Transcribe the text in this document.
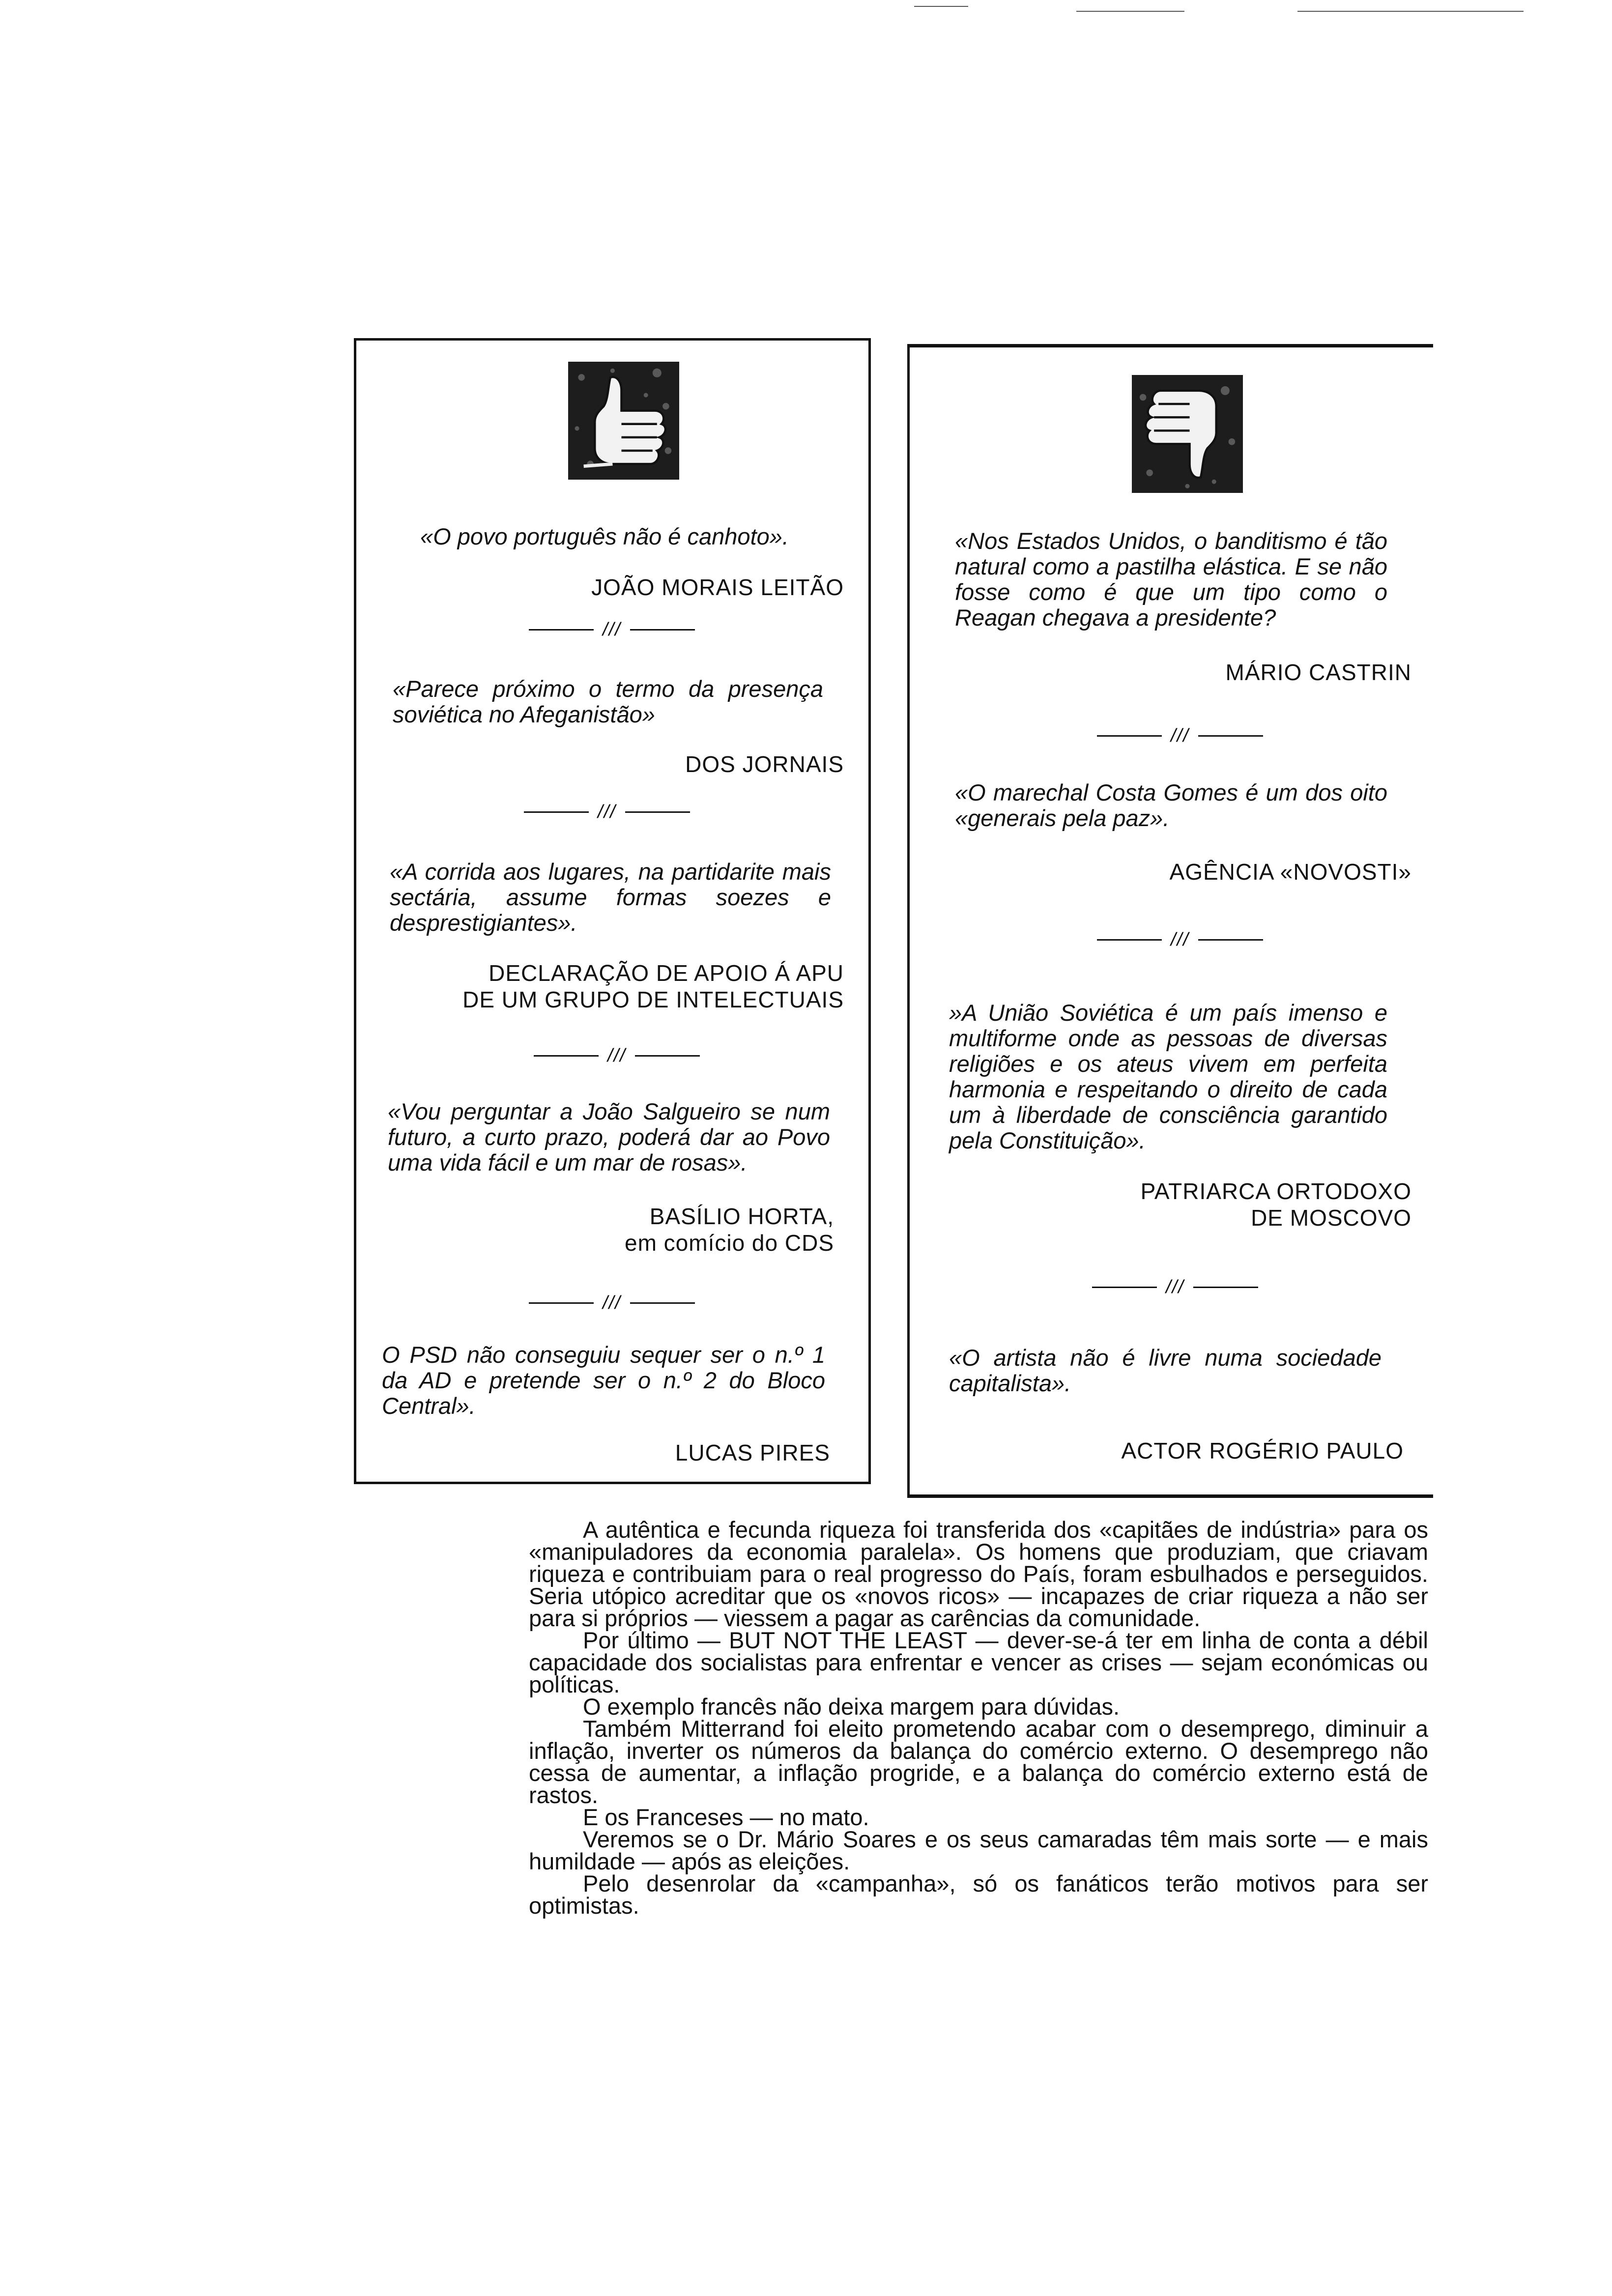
«O povo português não é canhoto».

JOÃO MORAIS LEITÃO

///

«Parece próximo o termo da presença soviética no Afeganistão»

DOS JORNAIS

///

«A corrida aos lugares, na partidarite mais sectária, assume formas soezes e desprestigiantes».

DECLARAÇÃO DE APOIO Á APU
DE UM GRUPO DE INTELECTUAIS

///

«Vou perguntar a João Salgueiro se num futuro, a curto prazo, poderá dar ao Povo uma vida fácil e um mar de rosas».

BASÍLIO HORTA,
em comício do CDS

///

O PSD não conseguiu sequer ser o n.º 1 da AD e pretende ser o n.º 2 do Bloco Central».

LUCAS PIRES

«Nos Estados Unidos, o banditismo é tão natural como a pastilha elástica. E se não fosse como é que um tipo como o Reagan chegava a presidente?

MÁRIO CASTRIN

///

«O marechal Costa Gomes é um dos oito «generais pela paz».

AGÊNCIA «NOVOSTI»

///

»A União Soviética é um país imenso e multiforme onde as pessoas de diversas religiões e os ateus vivem em perfeita harmonia e respeitando o direito de cada um à liberdade de consciência garantido pela Constituição».

PATRIARCA ORTODOXO
DE MOSCOVO

///

«O artista não é livre numa sociedade capitalista».

ACTOR ROGÉRIO PAULO

A autêntica e fecunda riqueza foi transferida dos «capitães de indústria» para os «manipuladores da economia paralela». Os homens que produziam, que criavam riqueza e contribuiam para o real progresso do País, foram esbulhados e perseguidos. Seria utópico acreditar que os «novos ricos» — incapazes de criar riqueza a não ser para si próprios — viessem a pagar as carências da comunidade.

Por último — BUT NOT THE LEAST — dever-se-á ter em linha de conta a débil capacidade dos socialistas para enfrentar e vencer as crises — sejam económicas ou políticas.

O exemplo francês não deixa margem para dúvidas.

Também Mitterrand foi eleito prometendo acabar com o desemprego, diminuir a inflação, inverter os números da balança do comércio externo. O desemprego não cessa de aumentar, a inflação progride, e a balança do comércio externo está de rastos.

E os Franceses — no mato.

Veremos se o Dr. Mário Soares e os seus camaradas têm mais sorte — e mais humildade — após as eleições.

Pelo desenrolar da «campanha», só os fanáticos terão motivos para ser optimistas.
